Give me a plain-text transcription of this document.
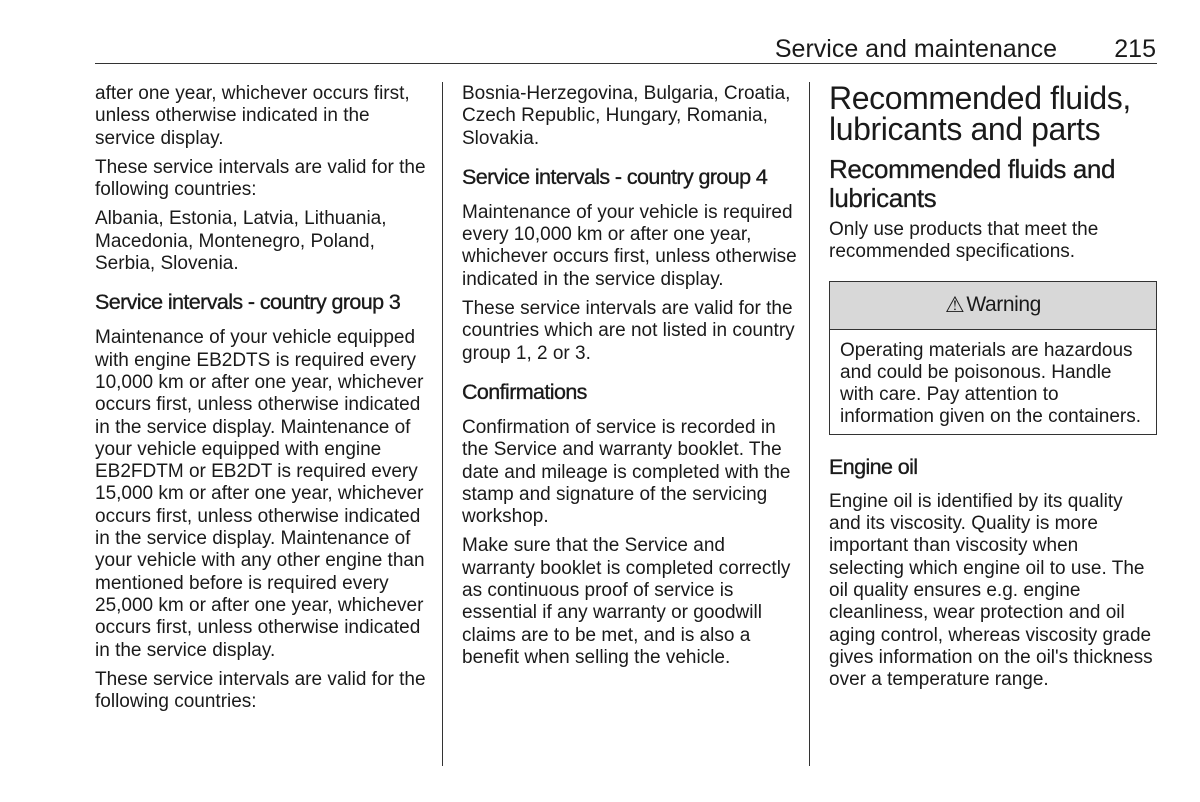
Service and maintenance 215

after one year, whichever occurs first, unless otherwise indicated in the service display.

These service intervals are valid for the following countries:

Albania, Estonia, Latvia, Lithuania, Macedonia, Montenegro, Poland, Serbia, Slovenia.

Service intervals - country group 3

Maintenance of your vehicle equipped with engine EB2DTS is required every 10,000 km or after one year, whichever occurs first, unless otherwise indicated in the service display. Maintenance of your vehicle equipped with engine EB2FDTM or EB2DT is required every 15,000 km or after one year, whichever occurs first, unless otherwise indicated in the service display. Maintenance of your vehicle with any other engine than mentioned before is required every 25,000 km or after one year, whichever occurs first, unless otherwise indicated in the service display.

These service intervals are valid for the following countries:

Bosnia-Herzegovina, Bulgaria, Croatia, Czech Republic, Hungary, Romania, Slovakia.

Service intervals - country group 4

Maintenance of your vehicle is required every 10,000 km or after one year, whichever occurs first, unless otherwise indicated in the service display.

These service intervals are valid for the countries which are not listed in country group 1, 2 or 3.

Confirmations

Confirmation of service is recorded in the Service and warranty booklet. The date and mileage is completed with the stamp and signature of the servicing workshop.

Make sure that the Service and warranty booklet is completed correctly as continuous proof of service is essential if any warranty or goodwill claims are to be met, and is also a benefit when selling the vehicle.

Recommended fluids, lubricants and parts
Recommended fluids and lubricants

Only use products that meet the recommended specifications.

⚠ Warning

Operating materials are hazardous and could be poisonous. Handle with care. Pay attention to information given on the containers.

Engine oil

Engine oil is identified by its quality and its viscosity. Quality is more important than viscosity when selecting which engine oil to use. The oil quality ensures e.g. engine cleanliness, wear protection and oil aging control, whereas viscosity grade gives information on the oil's thickness over a temperature range.
